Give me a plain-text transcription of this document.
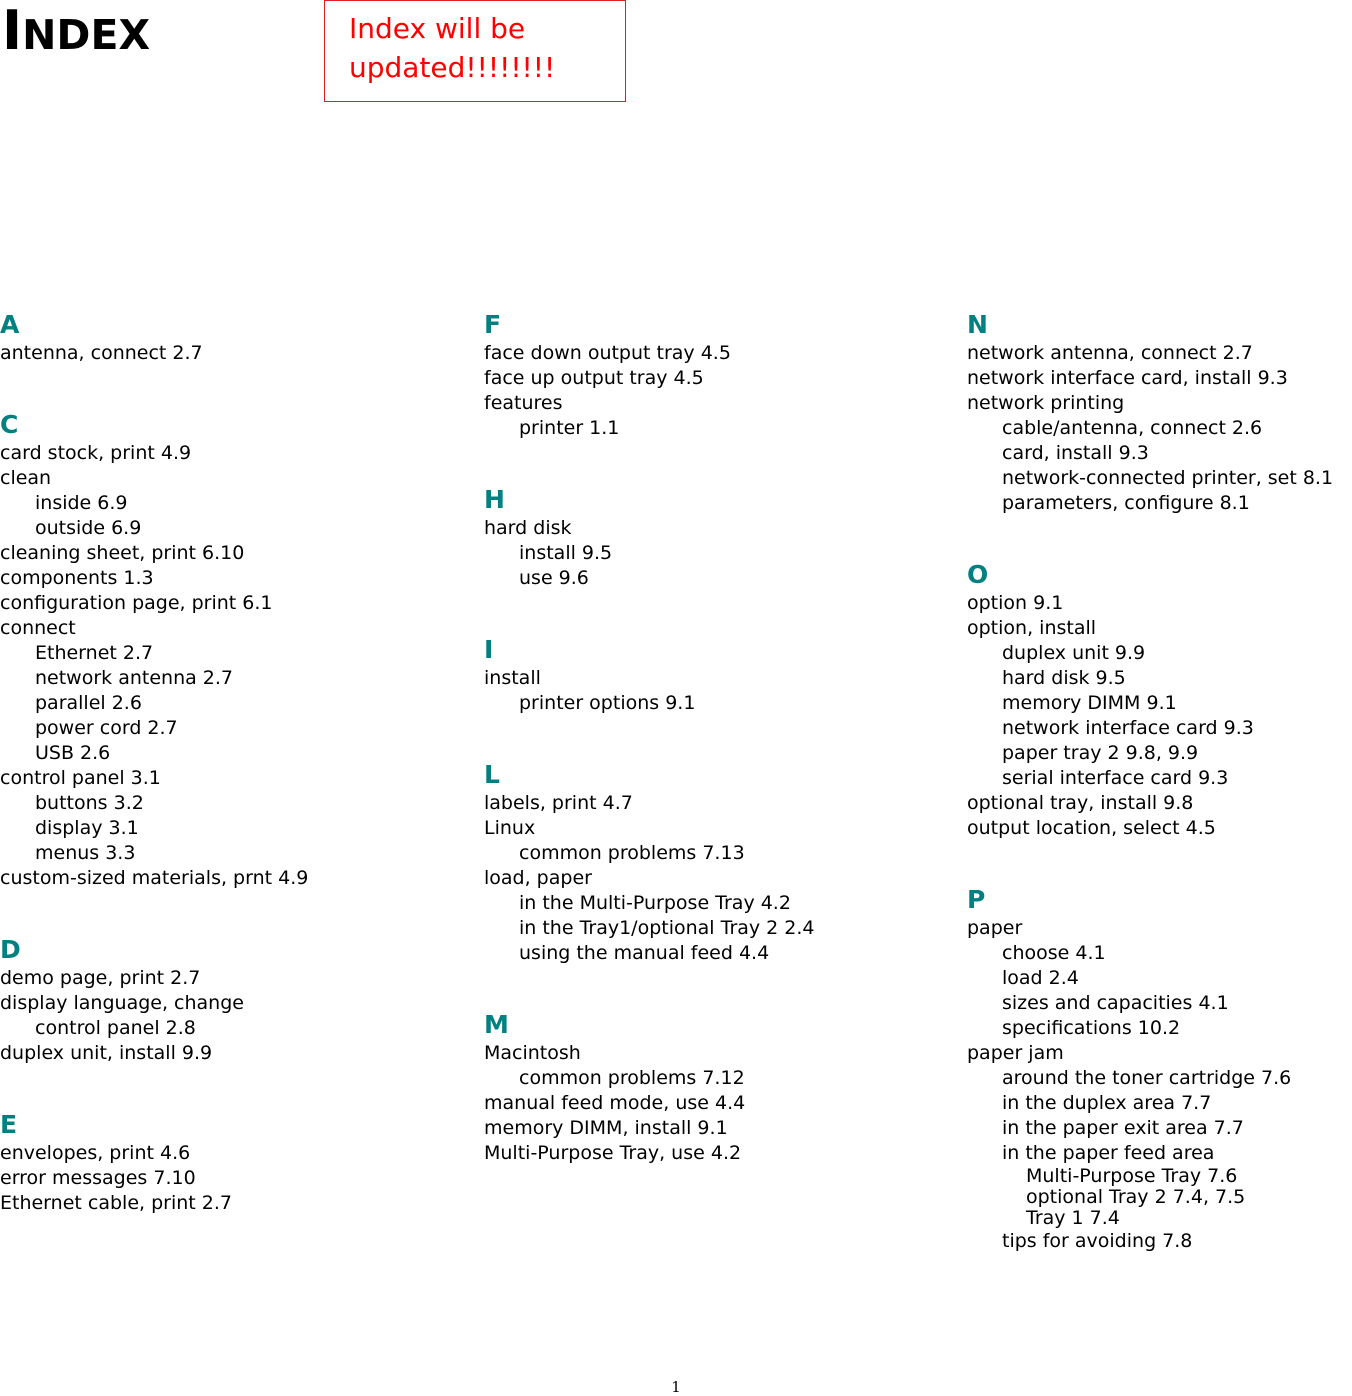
INDEX	Index will be
updated!!!!!!!!
A
antenna, connect 2.7
C
card stock, print 4.9
clean
inside 6.9
outside 6.9
cleaning sheet, print 6.10
components 1.3
configuration page, print 6.1
connect
Ethernet 2.7
network antenna 2.7
parallel 2.6
power cord 2.7
USB 2.6
control panel 3.1
buttons 3.2
display 3.1
menus 3.3
custom-sized materials, prnt 4.9
D
demo page, print 2.7
display language, change
control panel 2.8
duplex unit, install 9.9
E
envelopes, print 4.6
error messages 7.10
Ethernet cable, print 2.7
F
face down output tray 4.5
face up output tray 4.5
features
printer 1.1
H
hard disk
install 9.5
use 9.6
I
install
printer options 9.1
L
labels, print 4.7
Linux
common problems 7.13
load, paper
in the Multi-Purpose Tray 4.2
in the Tray1/optional Tray 2 2.4
using the manual feed 4.4
M
Macintosh
common problems 7.12
manual feed mode, use 4.4
memory DIMM, install 9.1
Multi-Purpose Tray, use 4.2
N
network antenna, connect 2.7
network interface card, install 9.3
network printing
cable/antenna, connect 2.6
card, install 9.3
network-connected printer, set 8.1
parameters, configure 8.1
O
option 9.1
option, install
duplex unit 9.9
hard disk 9.5
memory DIMM 9.1
network interface card 9.3
paper tray 2 9.8, 9.9
serial interface card 9.3
optional tray, install 9.8
output location, select 4.5
P
paper
choose 4.1
load 2.4
sizes and capacities 4.1
specifications 10.2
paper jam
around the toner cartridge 7.6
in the duplex area 7.7
in the paper exit area 7.7
in the paper feed area
Multi-Purpose Tray 7.6
optional Tray 2 7.4, 7.5
Tray 1 7.4
tips for avoiding 7.8
1
